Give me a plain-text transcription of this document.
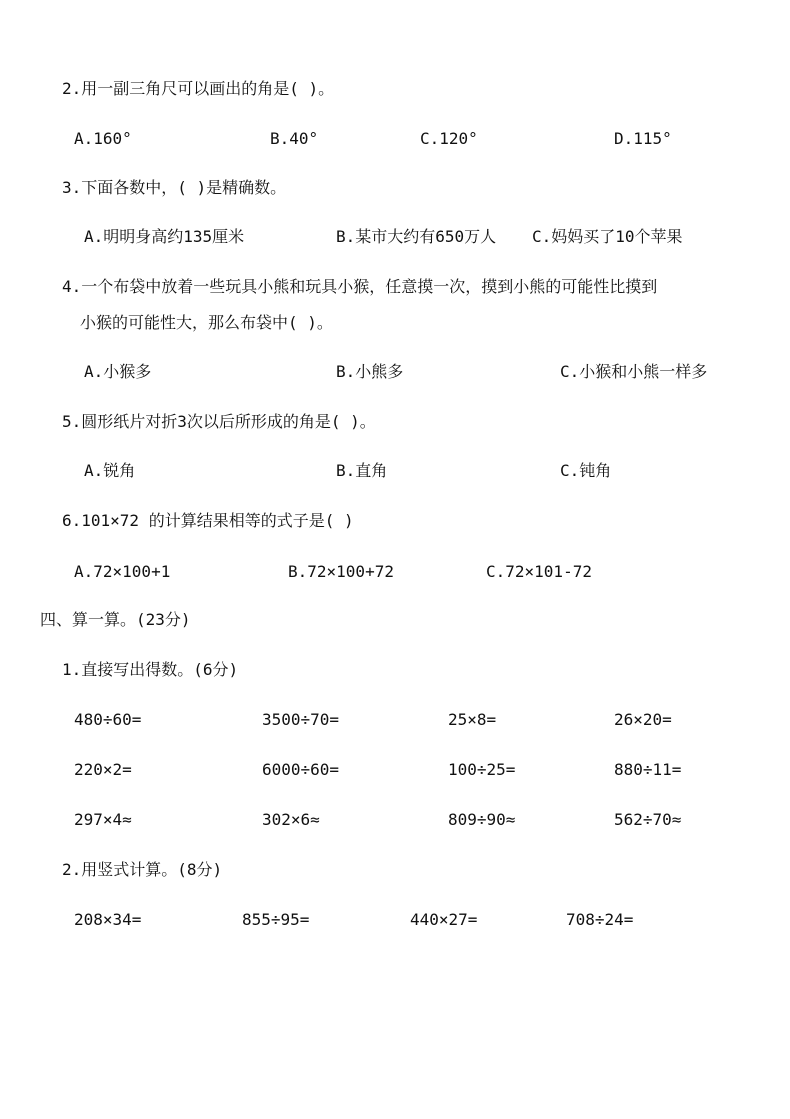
2.用一副三角尺可以画出的角是( )。
A.160°	B.40°	C.120°	D.115°
3.下面各数中，( )是精确数。
A.明明身高约135厘米	B.某市大约有650万人 C.妈妈买了10个苹果
4.一个布袋中放着一些玩具小熊和玩具小猴，任意摸一次，摸到小熊的可能性比摸到
小猴的可能性大，那么布袋中( )。
A.小猴多	B.小熊多	C.小猴和小熊一样多
5.圆形纸片对折3次以后所形成的角是( )。
A.锐角	B.直角	C.钝角
6.101×72 的计算结果相等的式子是( )
A.72×100+1	B.72×100+72	C.72×101-72
四、算一算。(23分)
1.直接写出得数。(6分)
480÷60=	3500÷70=	25×8=	26×20=
220×2=	6000÷60=	100÷25=	880÷11=
297×4≈	302×6≈	809÷90≈	562÷70≈
2.用竖式计算。(8分)
208×34=	855÷95=	440×27=	708÷24=
